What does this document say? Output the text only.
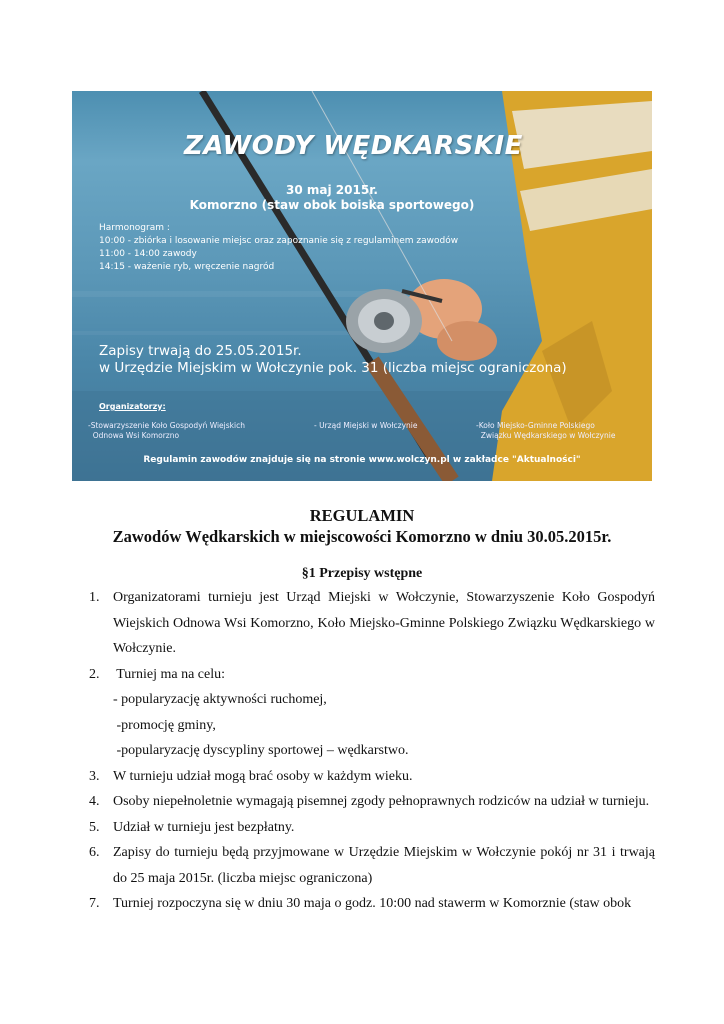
ZAWODY WĘDKARSKIE
30 maj 2015r.
Komorzno (staw obok boiska sportowego)
Harmonogram :
10:00 - zbiórka i losowanie miejsc oraz zapoznanie się z regulaminem zawodów
11:00 - 14:00 zawody
14:15 - ważenie ryb, wręczenie nagród
Zapisy trwają do 25.05.2015r.
w Urzędzie Miejskim w Wołczynie pok. 31 (liczba miejsc ograniczona)
Organizatorzy:
-Stowarzyszenie Koło Gospodyń Wiejskich
Odnowa Wsi Komorzno
- Urząd Miejski w Wołczynie	-Koło Miejsko-Gminne Polskiego
Związku Wędkarskiego w Wołczynie
Regulamin zawodów znajduje się na stronie www.wolczyn.pl w zakładce "Aktualności"
REGULAMIN
Zawodów Wędkarskich w miejscowości Komorzno w dniu 30.05.2015r.
§1 Przepisy wstępne
1. Organizatorami turnieju jest Urząd Miejski w Wołczynie, Stowarzyszenie Koło Gospodyń Wiejskich Odnowa Wsi Komorzno, Koło Miejsko-Gminne Polskiego Związku Wędkarskiego w Wołczynie.
2. Turniej ma na celu:
- popularyzację aktywności ruchomej,
-promocję gminy,
-popularyzację dyscypliny sportowej – wędkarstwo.
3. W turnieju udział mogą brać osoby w każdym wieku.
4. Osoby niepełnoletnie wymagają pisemnej zgody pełnoprawnych rodziców na udział w turnieju.
5. Udział w turnieju jest bezpłatny.
6. Zapisy do turnieju będą przyjmowane w Urzędzie Miejskim w Wołczynie pokój nr 31 i trwają do 25 maja 2015r. (liczba miejsc ograniczona)
7. Turniej rozpoczyna się w dniu 30 maja o godz. 10:00 nad stawerm w Komorznie (staw obok
